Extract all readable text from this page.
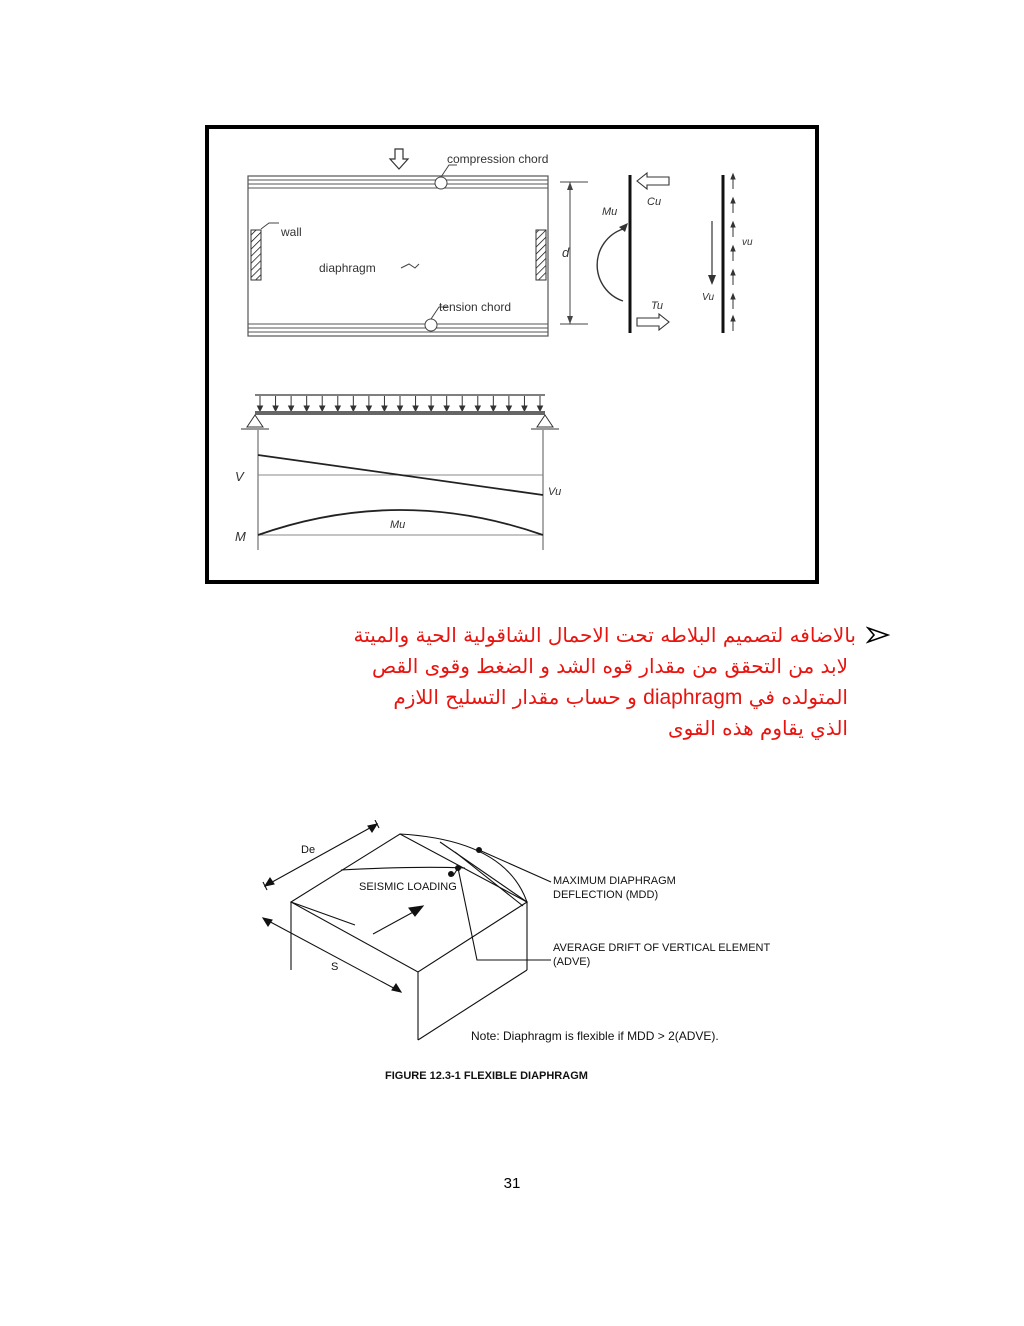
compression chord
wall
diaphragm
tension chord
d
Mu
Cu
Tu
Vu
vu
V
Vu
M
Mu
بالاضافه لتصميم البلاطه تحت الاحمال الشاقولية الحية والميتة
لابد من التحقق من مقدار قوه الشد و الضغط وقوى القص
المتولده في diaphragm و حساب مقدار التسليح اللازم
الذي يقاوم هذه القوى
De
SEISMIC LOADING
S
MAXIMUM DIAPHRAGM
DEFLECTION (MDD)
AVERAGE DRIFT OF VERTICAL ELEMENT
(ADVE)
Note: Diaphragm is flexible if MDD > 2(ADVE).
FIGURE 12.3-1 FLEXIBLE DIAPHRAGM
31
